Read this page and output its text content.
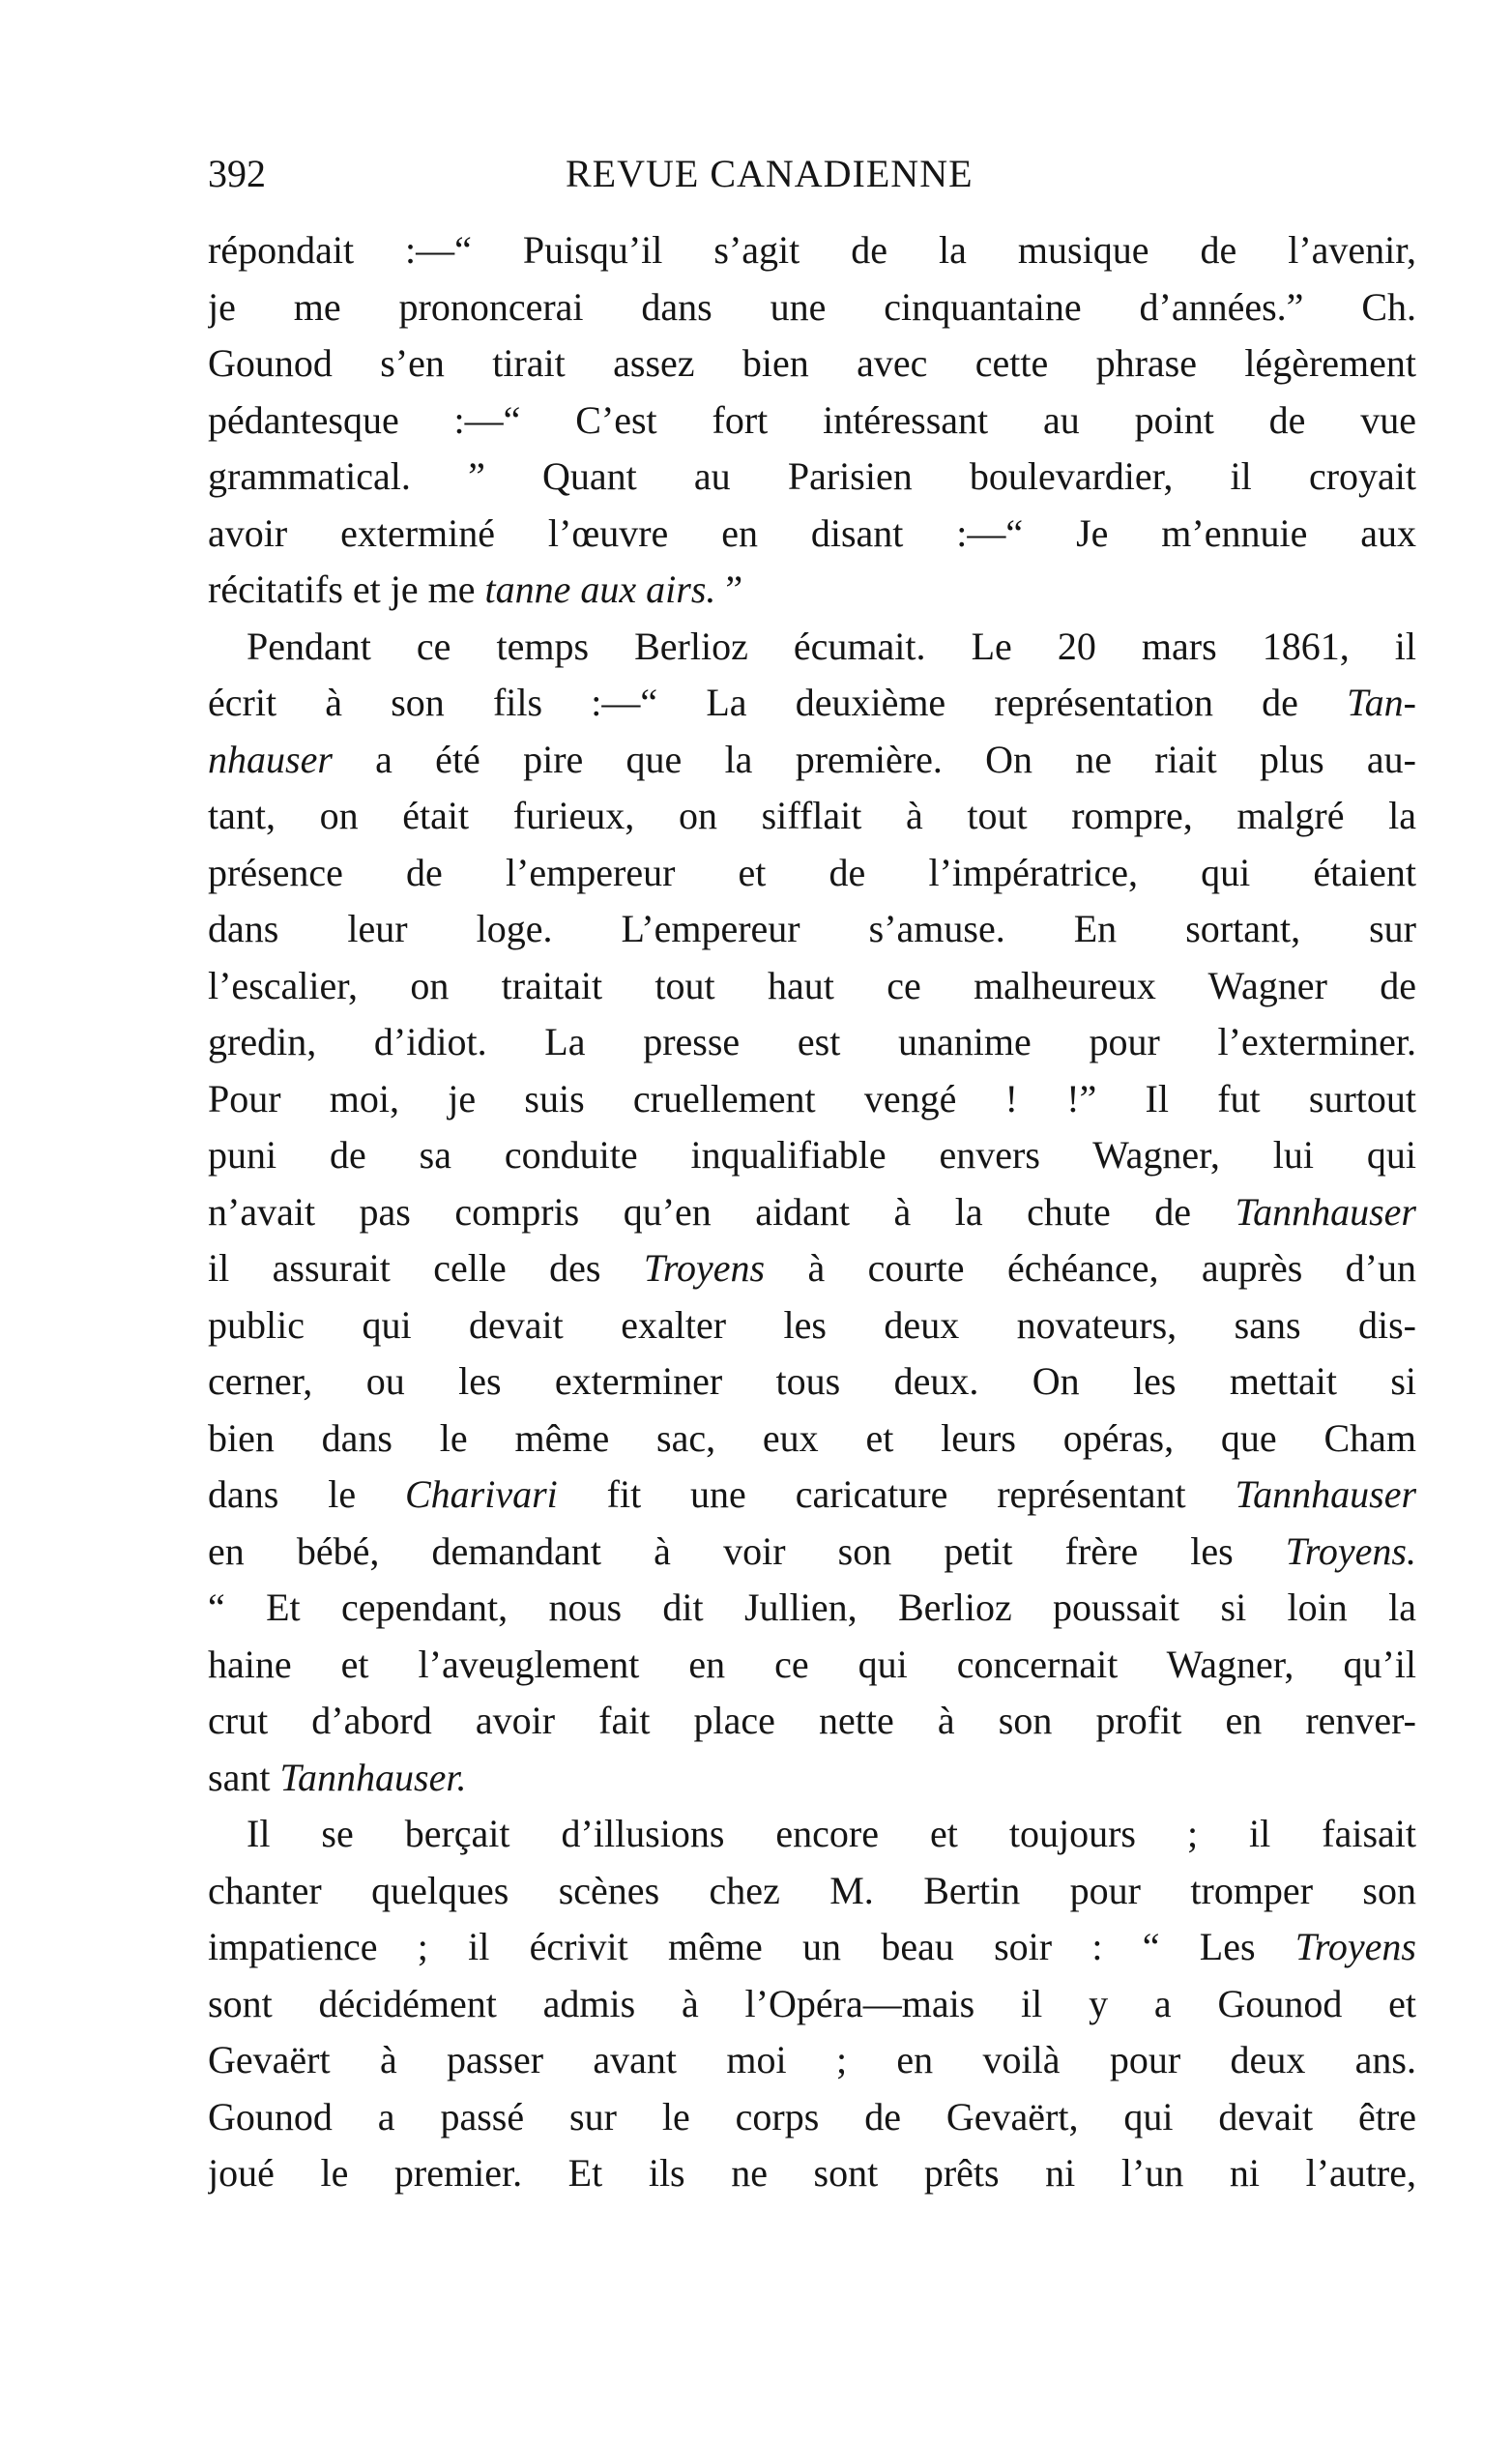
392	REVUE CANADIENNE
répondait :—“ Puisqu’il s’agit de la musique de l’avenir,
je me prononcerai dans une cinquantaine d’années.” Ch.
Gounod s’en tirait assez bien avec cette phrase légèrement
pédantesque :—“ C’est fort intéressant au point de vue
grammatical. ” Quant au Parisien boulevardier, il croyait
avoir exterminé l’œuvre en disant :—“ Je m’ennuie aux
récitatifs et je me tanne aux airs. ”
Pendant ce temps Berlioz écumait. Le 20 mars 1861, il
écrit à son fils :—“ La deuxième représentation de Tan-
nhauser a été pire que la première. On ne riait plus au-
tant, on était furieux, on sifflait à tout rompre, malgré la
présence de l’empereur et de l’impératrice, qui étaient
dans leur loge. L’empereur s’amuse. En sortant, sur
l’escalier, on traitait tout haut ce malheureux Wagner de
gredin, d’idiot. La presse est unanime pour l’exterminer.
Pour moi, je suis cruellement vengé ! !” Il fut surtout
puni de sa conduite inqualifiable envers Wagner, lui qui
n’avait pas compris qu’en aidant à la chute de Tannhauser
il assurait celle des Troyens à courte échéance, auprès d’un
public qui devait exalter les deux novateurs, sans dis-
cerner, ou les exterminer tous deux. On les mettait si
bien dans le même sac, eux et leurs opéras, que Cham
dans le Charivari fit une caricature représentant Tannhauser
en bébé, demandant à voir son petit frère les Troyens.
“ Et cependant, nous dit Jullien, Berlioz poussait si loin la
haine et l’aveuglement en ce qui concernait Wagner, qu’il
crut d’abord avoir fait place nette à son profit en renver-
sant Tannhauser.
Il se berçait d’illusions encore et toujours ; il faisait
chanter quelques scènes chez M. Bertin pour tromper son
impatience ; il écrivit même un beau soir : “ Les Troyens
sont décidément admis à l’Opéra—mais il y a Gounod et
Gevaërt à passer avant moi ; en voilà pour deux ans.
Gounod a passé sur le corps de Gevaërt, qui devait être
joué le premier. Et ils ne sont prêts ni l’un ni l’autre,
